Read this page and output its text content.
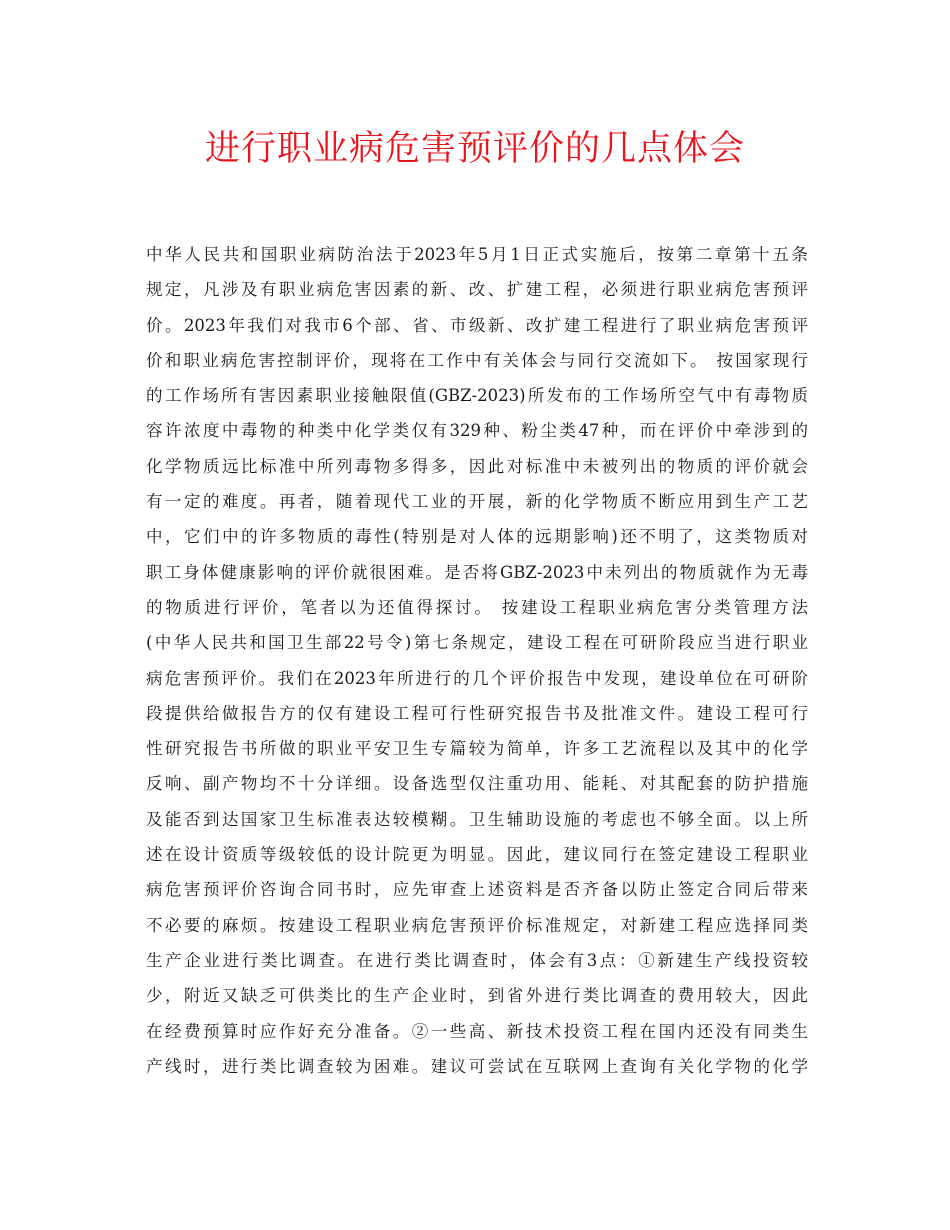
进行职业病危害预评价的几点体会
中华人民共和国职业病防治法于2023年5月1日正式实施后，按第二章第十五条
规定，凡涉及有职业病危害因素的新、改、扩建工程，必须进行职业病危害预评
价。2023年我们对我市6个部、省、市级新、改扩建工程进行了职业病危害预评
价和职业病危害控制评价，现将在工作中有关体会与同行交流如下。 按国家现行
的工作场所有害因素职业接触限值(GBZ-2023)所发布的工作场所空气中有毒物质
容许浓度中毒物的种类中化学类仅有329种、粉尘类47种，而在评价中牵涉到的
化学物质远比标准中所列毒物多得多，因此对标准中未被列出的物质的评价就会
有一定的难度。再者，随着现代工业的开展，新的化学物质不断应用到生产工艺
中，它们中的许多物质的毒性(特别是对人体的远期影响)还不明了，这类物质对
职工身体健康影响的评价就很困难。是否将GBZ-2023中未列出的物质就作为无毒
的物质进行评价，笔者以为还值得探讨。 按建设工程职业病危害分类管理方法
(中华人民共和国卫生部22号令)第七条规定，建设工程在可研阶段应当进行职业
病危害预评价。我们在2023年所进行的几个评价报告中发现，建设单位在可研阶
段提供给做报告方的仅有建设工程可行性研究报告书及批准文件。建设工程可行
性研究报告书所做的职业平安卫生专篇较为简单，许多工艺流程以及其中的化学
反响、副产物均不十分详细。设备选型仅注重功用、能耗、对其配套的防护措施
及能否到达国家卫生标准表达较模糊。卫生辅助设施的考虑也不够全面。以上所
述在设计资质等级较低的设计院更为明显。因此，建议同行在签定建设工程职业
病危害预评价咨询合同书时，应先审查上述资料是否齐备以防止签定合同后带来
不必要的麻烦。按建设工程职业病危害预评价标准规定，对新建工程应选择同类
生产企业进行类比调查。在进行类比调查时，体会有3点：①新建生产线投资较
少，附近又缺乏可供类比的生产企业时，到省外进行类比调查的费用较大，因此
在经费预算时应作好充分准备。②一些高、新技术投资工程在国内还没有同类生
产线时，进行类比调查较为困难。建议可尝试在互联网上查询有关化学物的化学
